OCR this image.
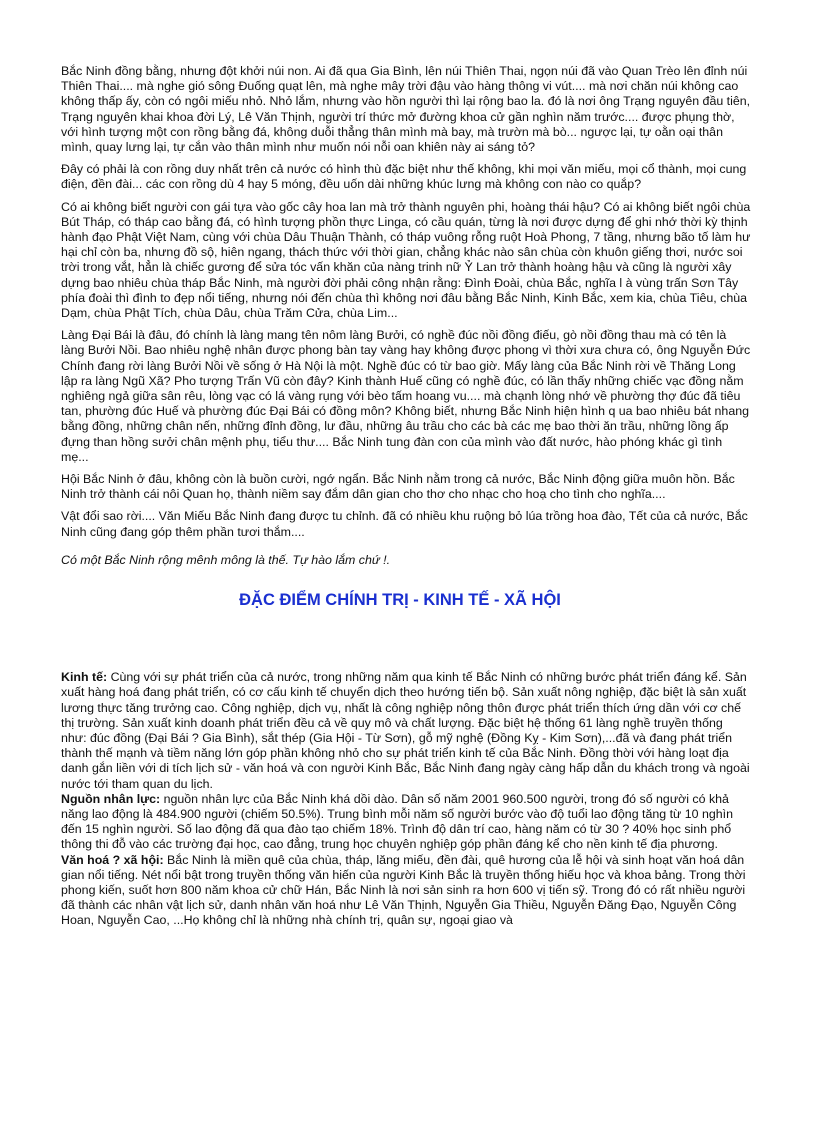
Bắc Ninh đồng bằng, nhưng đột khởi núi non. Ai đã qua Gia Bình, lên núi Thiên Thai, ngọn núi đã vào Quan Trèo lên đỉnh núi Thiên Thai.... mà nghe gió sông Đuống quạt lên, mà nghe mây trời đậu vào hàng thông vi vút.... mà nơi chăn núi không cao không thấp ấy, còn có ngôi miếu nhỏ. Nhỏ lắm, nhưng vào hồn người thì lại rộng bao la. đó là nơi ông Trạng nguyên đầu tiên, Trạng nguyên khai khoa đời Lý, Lê Văn Thịnh, người trí thức mở đường khoa cử gần nghìn năm trước.... được phụng thờ, với hình tượng một con rồng bằng đá, không duỗi thẳng thân mình mà bay, mà trườn mà bò... ngược lại, tự oằn oại thân mình, quay lưng lại, tự cắn vào thân mình như muốn nói nỗi oan khiên này ai sáng tỏ?

Đây có phải là con rồng duy nhất trên cả nước có hình thù đặc biệt như thế không, khi mọi văn miếu, mọi cổ thành, mọi cung điện, đền đài... các con rồng dù 4 hay 5 móng, đều uốn dài những khúc lưng mà không con nào co quắp?

Có ai không biết người con gái tựa vào gốc cây hoa lan mà trở thành nguyên phi, hoàng thái hậu? Có ai không biết ngôi chùa Bút Tháp, có tháp cao bằng đá, có hình tượng phồn thực Linga, có cầu quán, từng là nơi được dựng để ghi nhớ thời kỳ thịnh hành đạo Phật Việt Nam, cùng với chùa Dâu Thuận Thành, có tháp vuông rỗng ruột Hoà Phong, 7 tầng, nhưng bão tố làm hư hại chỉ còn ba, nhưng đồ sộ, hiên ngang, thách thức với thời gian, chẳng khác nào sân chùa còn khuôn giếng thơi, nước soi trời trong vắt, hẳn là chiếc gương để sửa tóc vấn khăn của nàng trinh nữ Ỷ Lan trở thành hoàng hậu và cũng là người xây dựng bao nhiêu chùa tháp Bắc Ninh, mà người đời phải công nhận rằng: Đình Đoài, chùa Bắc, nghĩa l à vùng trấn Sơn Tây phía đoài thì đình to đẹp nổi tiếng, nhưng nói đến chùa thì không nơi đâu bằng Bắc Ninh, Kinh Bắc, xem kia, chùa Tiêu, chùa Dạm, chùa Phật Tích, chùa Dâu, chùa Trăm Cửa, chùa Lim...

Làng Đại Bái là đâu, đó chính là làng mang tên nôm làng Bưởi, có nghề đúc nồi đồng điếu, gò nồi đồng thau mà có tên là làng Bưởi Nồi. Bao nhiêu nghệ nhân được phong bàn tay vàng hay không được phong vì thời xưa chưa có, ông Nguyễn Đức Chính đang rời làng Bưởi Nồi về sống ở Hà Nội là một. Nghề đúc có từ bao giờ. Mấy làng của Bắc Ninh rời về Thăng Long lập ra làng Ngũ Xã? Pho tượng Trấn Vũ còn đây? Kinh thành Huế cũng có nghề đúc, có lần thấy những chiếc vạc đồng nằm nghiêng ngả giữa sân rêu, lòng vạc có lá vàng rụng với bèo tấm hoang vu.... mà chạnh lòng nhớ về phường thợ đúc đã tiêu tan, phường đúc Huế và phường đúc Đại Bái có đồng môn? Không biết, nhưng Bắc Ninh hiện hình q ua bao nhiêu bát nhang bằng đồng, những chân nến, những đỉnh đồng, lư đầu, những âu trầu cho các bà các mẹ bao thời ăn trầu, những lồng ấp đựng than hồng sưởi chân mệnh phụ, tiểu thư.... Bắc Ninh tung đàn con của mình vào đất nước, hào phóng khác gì tình mẹ...

Hội Bắc Ninh ở đâu, không còn là buồn cười, ngớ ngẩn. Bắc Ninh nằm trong cả nước, Bắc Ninh động giữa muôn hồn. Bắc Ninh trở thành cái nôi Quan họ, thành niềm say đắm dân gian cho thơ cho nhạc cho hoạ cho tình cho nghĩa....

Vật đổi sao rời.... Văn Miếu Bắc Ninh đang được tu chỉnh. đã có nhiều khu ruộng bỏ lúa trồng hoa đào, Tết của cả nước, Bắc Ninh cũng đang góp thêm phần tươi thắm....

Có một Bắc Ninh rộng mênh mông là thế. Tự hào lắm chứ !.

ĐẶC ĐIỂM CHÍNH TRỊ - KINH TẾ - XÃ HỘI

Kinh tế: Cùng với sự phát triển của cả nước, trong những năm qua kinh tế Bắc Ninh có những bước phát triển đáng kể. Sản xuất hàng hoá đang phát triển, có cơ cấu kinh tế chuyển dịch theo hướng tiến bộ. Sản xuất nông nghiệp, đặc biệt là sản xuất lương thực tăng trưởng cao. Công nghiệp, dịch vụ, nhất là công nghiệp nông thôn được phát triển thích ứng dần với cơ chế thị trường. Sản xuất kinh doanh phát triển đều cả về quy mô và chất lượng. Đặc biệt hệ thống 61 làng nghề truyền thống như: đúc đồng (Đại Bái ? Gia Bình), sắt thép (Gia Hội - Từ Sơn), gỗ mỹ nghệ (Đồng Kỵ - Kim Sơn),...đã và đang phát triển thành thế mạnh và tiềm năng lớn góp phần không nhỏ cho sự phát triển kinh tế của Bắc Ninh. Đồng thời với hàng loạt địa danh gắn liền với di tích lịch sử - văn hoá và con người Kinh Bắc, Bắc Ninh đang ngày càng hấp dẫn du khách trong và ngoài nước tới tham quan du lịch.

Nguồn nhân lực: nguồn nhân lực của Bắc Ninh khá dồi dào. Dân số năm 2001 960.500 người, trong đó số người có khả năng lao động là 484.900 người (chiếm 50.5%). Trung bình mỗi năm số người bước vào độ tuổi lao động tăng từ 10 nghìn đến 15 nghìn người. Số lao động đã qua đào tạo chiếm 18%. Trình độ dân trí cao, hàng năm có từ 30 ? 40% học sinh phổ thông thi đỗ vào các trường đại học, cao đẳng, trung học chuyên nghiệp góp phần đáng kể cho nền kinh tế địa phương.

Văn hoá ? xã hội: Bắc Ninh là miền quê của chùa, tháp, lăng miếu, đền đài, quê hương của lễ hội và sinh hoạt văn hoá dân gian nổi tiếng. Nét nổi bật trong truyền thống văn hiến của người Kinh Bắc là truyền thống hiếu học và khoa bảng. Trong thời phong kiến, suốt hơn 800 năm khoa cử chữ Hán, Bắc Ninh là nơi sản sinh ra hơn 600 vị tiến sỹ. Trong đó có rất nhiều người đã thành các nhân vật lịch sử, danh nhân văn hoá như Lê Văn Thịnh, Nguyễn Gia Thiều, Nguyễn Đăng Đạo, Nguyễn Công Hoan, Nguyễn Cao, ...Họ không chỉ là những nhà chính trị, quân sự, ngoại giao và
